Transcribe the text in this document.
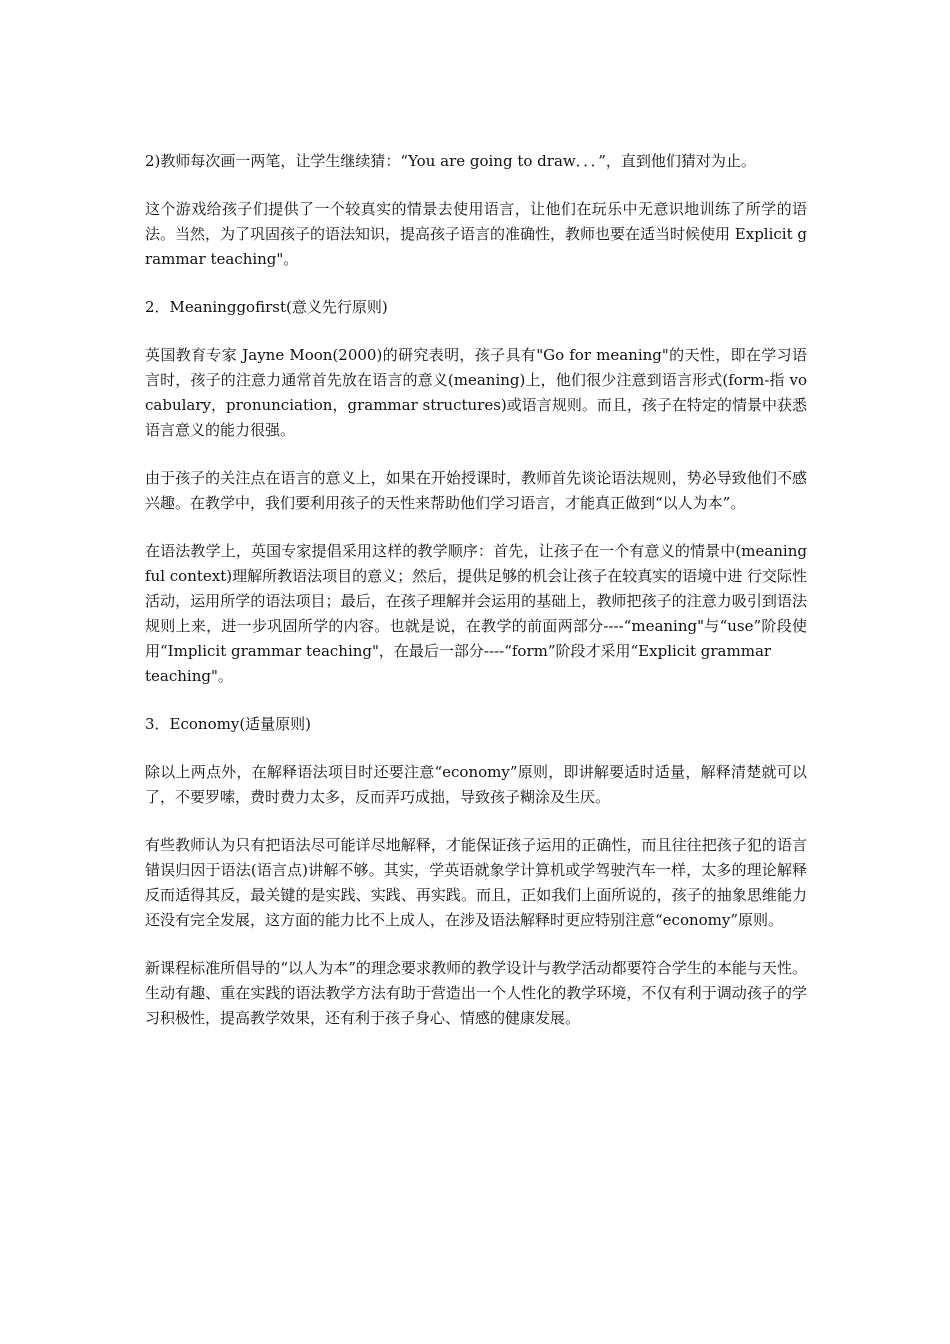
2)教师每次画一两笔，让学生继续猜：“You are going to draw．．．”，直到他们猜对为止。

这个游戏给孩子们提供了一个较真实的情景去使用语言，让他们在玩乐中无意识地训练了所学的语法。当然，为了巩固孩子的语法知识，提高孩子语言的准确性，教师也要在适当时候使用 Explicit grammar teaching"。

2．Meaninggofirst(意义先行原则)

英国教育专家 Jayne Moon(2000)的研究表明，孩子具有"Go for meaning"的天性，即在学习语言时，孩子的注意力通常首先放在语言的意义(meaning)上，他们很少注意到语言形式(form-指 vocabulary，pronunciation，grammar structures)或语言规则。而且，孩子在特定的情景中获悉语言意义的能力很强。

由于孩子的关注点在语言的意义上，如果在开始授课时，教师首先谈论语法规则，势必导致他们不感兴趣。在教学中，我们要利用孩子的天性来帮助他们学习语言，才能真正做到“以人为本”。

在语法教学上，英国专家提倡采用这样的教学顺序：首先，让孩子在一个有意义的情景中(meaningful context)理解所教语法项目的意义；然后，提供足够的机会让孩子在较真实的语境中进 行交际性活动，运用所学的语法项目；最后，在孩子理解并会运用的基础上，教师把孩子的注意力吸引到语法规则上来，进一步巩固所学的内容。也就是说，在教学的前面两部分----“meaning"与“use”阶段使用“Implicit grammar teaching"，在最后一部分----“form”阶段才采用“Explicit grammar
teaching"。

3．Economy(适量原则)

除以上两点外，在解释语法项目时还要注意“economy”原则，即讲解要适时适量，解释清楚就可以了，不要罗嗦，费时费力太多，反而弄巧成拙，导致孩子糊涂及生厌。

有些教师认为只有把语法尽可能详尽地解释，才能保证孩子运用的正确性，而且往往把孩子犯的语言错误归因于语法(语言点)讲解不够。其实，学英语就象学计算机或学驾驶汽车一样，太多的理论解释反而适得其反，最关键的是实践、实践、再实践。而且，正如我们上面所说的，孩子的抽象思维能力还没有完全发展，这方面的能力比不上成人，在涉及语法解释时更应特别注意“economy”原则。

新课程标准所倡导的“以人为本”的理念要求教师的教学设计与教学活动都要符合学生的本能与天性。生动有趣、重在实践的语法教学方法有助于营造出一个人性化的教学环境，不仅有利于调动孩子的学习积极性，提高教学效果，还有利于孩子身心、情感的健康发展。
